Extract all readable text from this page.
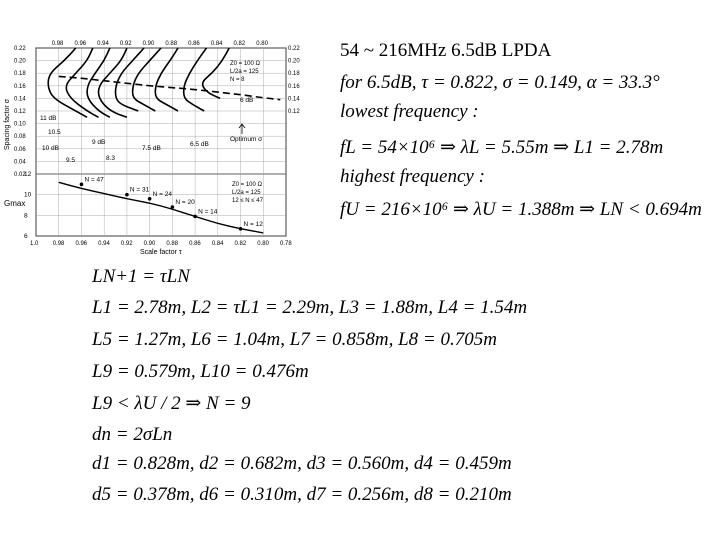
N = 47
N = 31
N = 24
N = 20
N = 14
N = 12
1.0 0.98 0.96 0.94 0.92 0.90 0.88 0.86 0.84 0.82 0.80 0.78
0.98 0.96 0.94 0.92 0.90 0.88 0.86 0.84 0.82 0.80
0.22
0.20
0.18
0.16
0.14
0.12
0.10
0.08
0.06
0.04
0.02
0.22
0.20
0.18
0.16
0.14
0.12
12
10
8
6
Spacing factor σ
Gmax
Scale factor τ
Z0 = 100 Ω
L/2a = 125
N = 8
Z0 = 100 Ω
L/2a = 125
12 ≤ N ≤ 47
11 dB
10.5
10 dB
9.5
9 dB
8.3
7.5 dB
6.5 dB
6 dB
Optimum σ
54 ~ 216MHz 6.5dB LPDA
for 6.5dB, τ = 0.822, σ = 0.149, α = 33.3°
lowest frequency :
fL = 54×10⁶ ⇒ λL = 5.55m ⇒ L1 = 2.78m
highest frequency :
fU = 216×10⁶ ⇒ λU = 1.388m ⇒ LN < 0.694m
LN+1 = τLN
L1 = 2.78m, L2 = τL1 = 2.29m, L3 = 1.88m, L4 = 1.54m
L5 = 1.27m, L6 = 1.04m, L7 = 0.858m, L8 = 0.705m
L9 = 0.579m, L10 = 0.476m
L9 < λU / 2 ⇒ N = 9
dn = 2σLn
d1 = 0.828m, d2 = 0.682m, d3 = 0.560m, d4 = 0.459m
d5 = 0.378m, d6 = 0.310m, d7 = 0.256m, d8 = 0.210m
